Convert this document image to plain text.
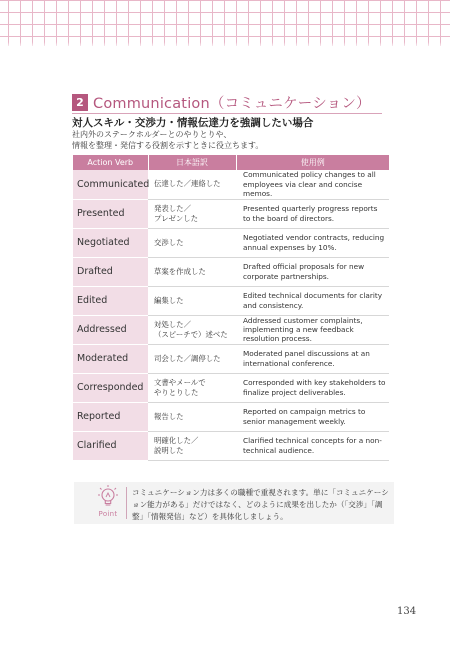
2 Communication（コミュニケーション）
対人スキル・交渉力・情報伝達力を強調したい場合
社内外のステークホルダーとのやりとりや、
情報を整理・発信する役割を示すときに役立ちます。
Action Verb	日本語訳	使用例
Communicated	伝達した／連絡した	Communicated policy changes to all employees via clear and concise memos.
Presented	発表した／
プレゼンした	Presented quarterly progress reports to the board of directors.
Negotiated	交渉した	Negotiated vendor contracts, reducing annual expenses by 10%.
Drafted	草案を作成した	Drafted official proposals for new corporate partnerships.
Edited	編集した	Edited technical documents for clarity and consistency.
Addressed	対処した／
（スピーチで）述べた	Addressed customer complaints, implementing a new feedback resolution process.
Moderated	司会した／調停した	Moderated panel discussions at an international conference.
Corresponded	文書やメールで
やりとりした	Corresponded with key stakeholders to finalize project deliverables.
Reported	報告した	Reported on campaign metrics to senior management weekly.
Clarified	明確化した／
説明した	Clarified technical concepts for a non-technical audience.
Point
コミュニケーション力は多くの職種で重視されます。単に「コミュニケーション能力がある」だけではなく、どのように成果を出したか（「交渉」「調整」「情報発信」など）を具体化しましょう。
134
